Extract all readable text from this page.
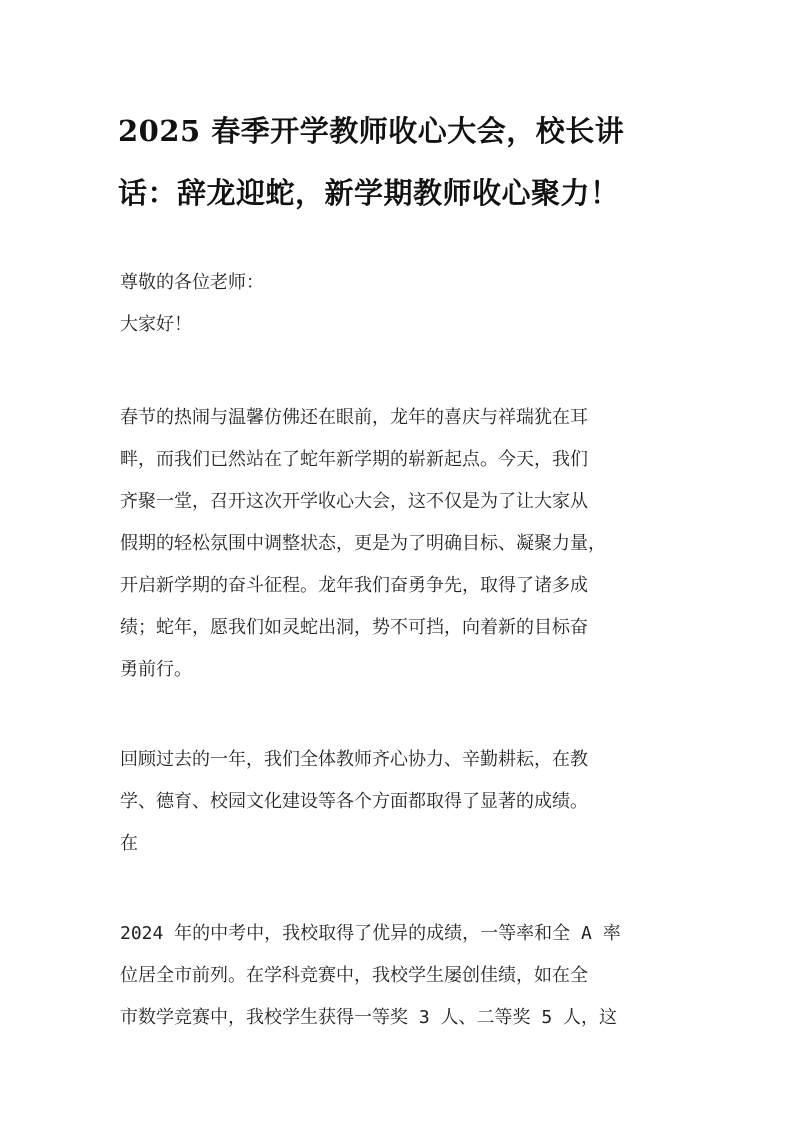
2025 春季开学教师收心大会，校长讲
话：辞龙迎蛇，新学期教师收心聚力！

尊敬的各位老师：

大家好！

春节的热闹与温馨仿佛还在眼前，龙年的喜庆与祥瑞犹在耳
畔，而我们已然站在了蛇年新学期的崭新起点。今天，我们
齐聚一堂，召开这次开学收心大会，这不仅是为了让大家从
假期的轻松氛围中调整状态，更是为了明确目标、凝聚力量，
开启新学期的奋斗征程。龙年我们奋勇争先，取得了诸多成
绩；蛇年，愿我们如灵蛇出洞，势不可挡，向着新的目标奋
勇前行。

回顾过去的一年，我们全体教师齐心协力、辛勤耕耘，在教
学、德育、校园文化建设等各个方面都取得了显著的成绩。
在

2024 年的中考中，我校取得了优异的成绩，一等率和全 A 率
位居全市前列。在学科竞赛中，我校学生屡创佳绩，如在全
市数学竞赛中，我校学生获得一等奖 3 人、二等奖 5 人，这
